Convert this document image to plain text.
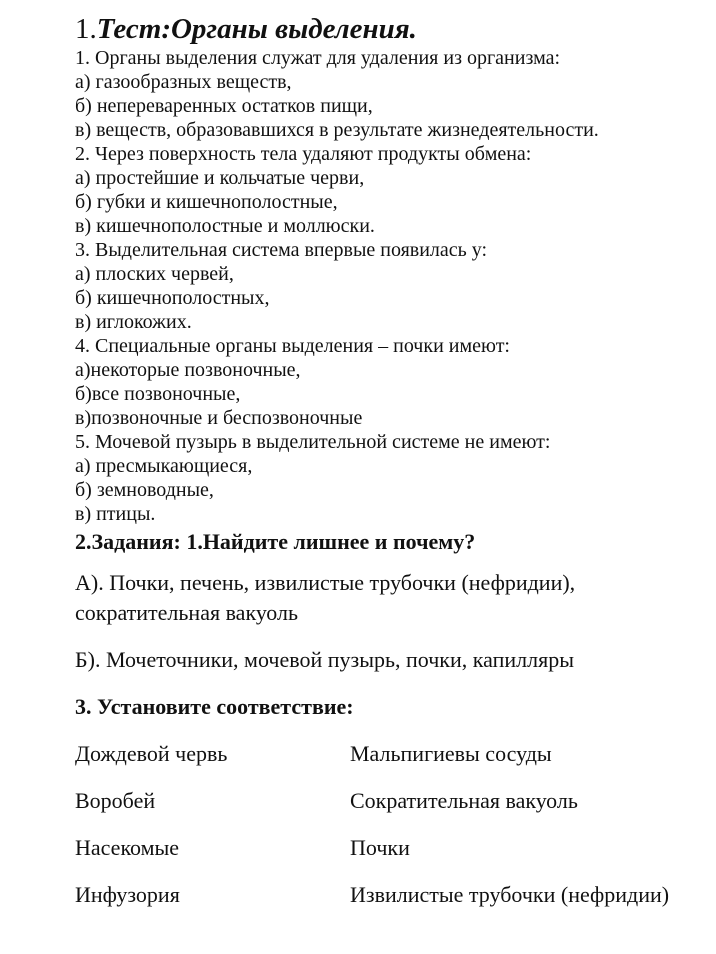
1.Тест:Органы выделения.
1. Органы выделения служат для удаления из организма:
а) газообразных веществ,
б) непереваренных остатков пищи,
в) веществ, образовавшихся в результате жизнедеятельности.
2. Через поверхность тела удаляют продукты обмена:
а) простейшие и кольчатые черви,
б) губки и кишечнополостные,
в) кишечнополостные и моллюски.
3. Выделительная система впервые появилась у:
а) плоских червей,
б) кишечнополостных,
в) иглокожих.
4. Специальные органы выделения – почки имеют:
а)некоторые позвоночные,
б)все позвоночные,
в)позвоночные и беспозвоночные
5. Мочевой пузырь в выделительной системе не имеют:
а) пресмыкающиеся,
б) земноводные,
в) птицы.
2.Задания: 1.Найдите лишнее и почему?
А). Почки, печень, извилистые трубочки (нефридии),
сократительная вакуоль
Б). Мочеточники, мочевой пузырь, почки, капилляры
3. Установите соответствие:
Дождевой червь	Мальпигиевы сосуды
Воробей	Сократительная вакуоль
Насекомые	Почки
Инфузория	Извилистые трубочки (нефридии)
